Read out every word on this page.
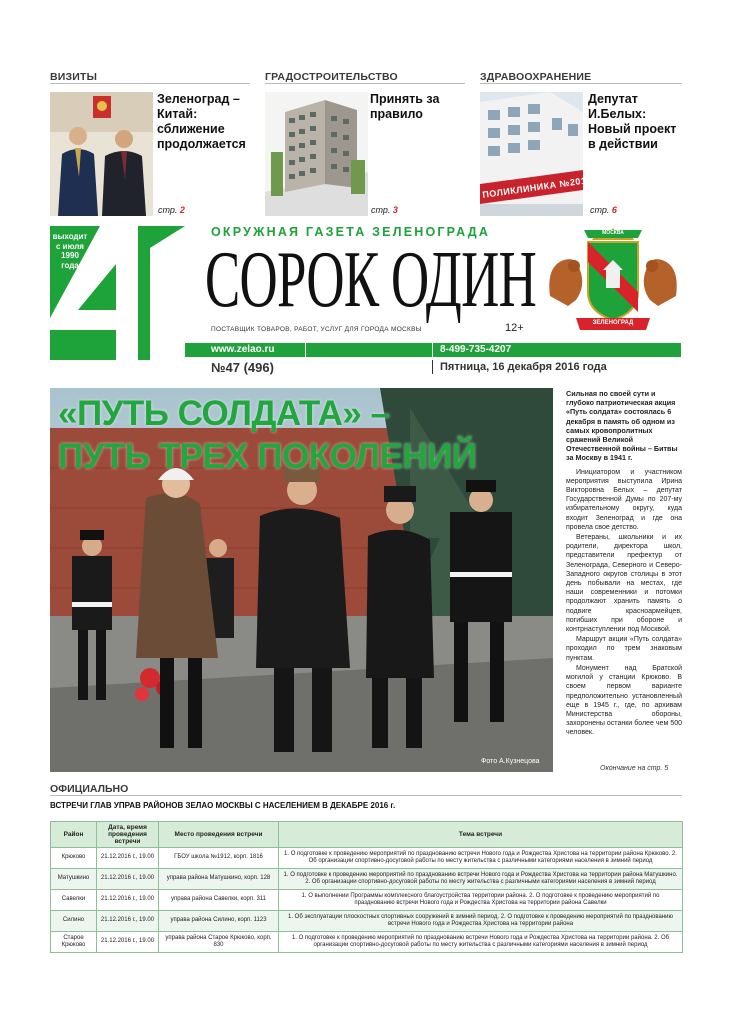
ВИЗИТЫ	ГРАДОСТРОИТЕЛЬСТВО	ЗДРАВООХРАНЕНИЕ
Зеленоград – Китай: сближение продолжается
стр. 2
Принять за правило
стр. 3
Депутат И.Белых: Новый проект в действии
стр. 6
ПОЛИКЛИНИКА №201
выходит
с июля
1990
года
ОКРУЖНАЯ ГАЗЕТА ЗЕЛЕНОГРАДА
СОРОК ОДИН
ПОСТАВЩИК ТОВАРОВ, РАБОТ, УСЛУГ ДЛЯ ГОРОДА МОСКВЫ	12+
www.zelao.ru	8-499-735-4207
№47 (496)	Пятница, 16 декабря 2016 года
МОСКВА
ЗЕЛЕНОГРАД
«ПУТЬ СОЛДАТА» –
ПУТЬ ТРЕХ ПОКОЛЕНИЙ
Фото А.Кузнецова
Сильная по своей сути и глубоко патриотическая акция «Путь солдата» состоялась 6 декабря в память об одном из самых кровопролитных сражений Великой Отечественной войны – Битвы за Москву в 1941 г.

Инициатором и участником мероприятия выступила Ирина Викторовна Белых – депутат Государственной Думы по 207-му избирательному округу, куда входит Зеленоград и где она провела свое детство.

Ветераны, школьники и их родители, директора школ, представители префектур от Зеленограда, Северного и Северо-Западного округов столицы в этот день побывали на местах, где наши современники и потомки продолжают хранить память о подвиге красноармейцев, погибших при обороне и контрнаступлении под Москвой.

Маршрут акции «Путь солдата» проходил по трем знаковым пунктам.

Монумент над Братской могилой у станции Крюково. В своем первом варианте предположительно установленный еще в 1945 г., где, по архивам Министерства обороны, захоронены останки более чем 500 человек.

Окончание на стр. 5
ОФИЦИАЛЬНО
ВСТРЕЧИ ГЛАВ УПРАВ РАЙОНОВ ЗЕЛАО МОСКВЫ С НАСЕЛЕНИЕМ В ДЕКАБРЕ 2016 г.
Район	Дата, время проведения встречи	Место проведения встречи	Тема встречи
Крюково	21.12.2016 г., 19.00	ГБОУ школа №1912, корп. 1816	1. О подготовке к проведению мероприятий по празднованию встречи Нового года и Рождества Христова на территории района Крюково. 2. Об организации спортивно-досуговой работы по месту жительства с различными категориями населения в зимний период
Матушкино	21.12.2016 г., 19.00	управа района Матушкино, корп. 128	1. О подготовке к проведению мероприятий по празднованию встречи Нового года и Рождества Христова на территории района Матушкино. 2. Об организации спортивно-досуговой работы по месту жительства с различными категориями населения в зимний период
Савелки	21.12.2016 г., 19.00	управа района Савелки, корп. 311	1. О выполнении Программы комплексного благоустройства территории района. 2. О подготовке к проведению мероприятий по празднованию встречи Нового года и Рождества Христова на территории района Савелки
Силино	21.12.2016 г., 19.00	управа района Силино, корп. 1123	1. Об эксплуатации плоскостных спортивных сооружений в зимний период. 2. О подготовке к проведению мероприятий по празднованию встречи Нового года и Рождества Христова на территории района
Старое Крюково	21.12.2016 г., 19.00	управа района Старое Крюково, корп. 830	1. О подготовке к проведению мероприятий по празднованию встречи Нового года и Рождества Христова на территории района. 2. Об организации спортивно-досуговой работы по месту жительства с различными категориями населения в зимний период
